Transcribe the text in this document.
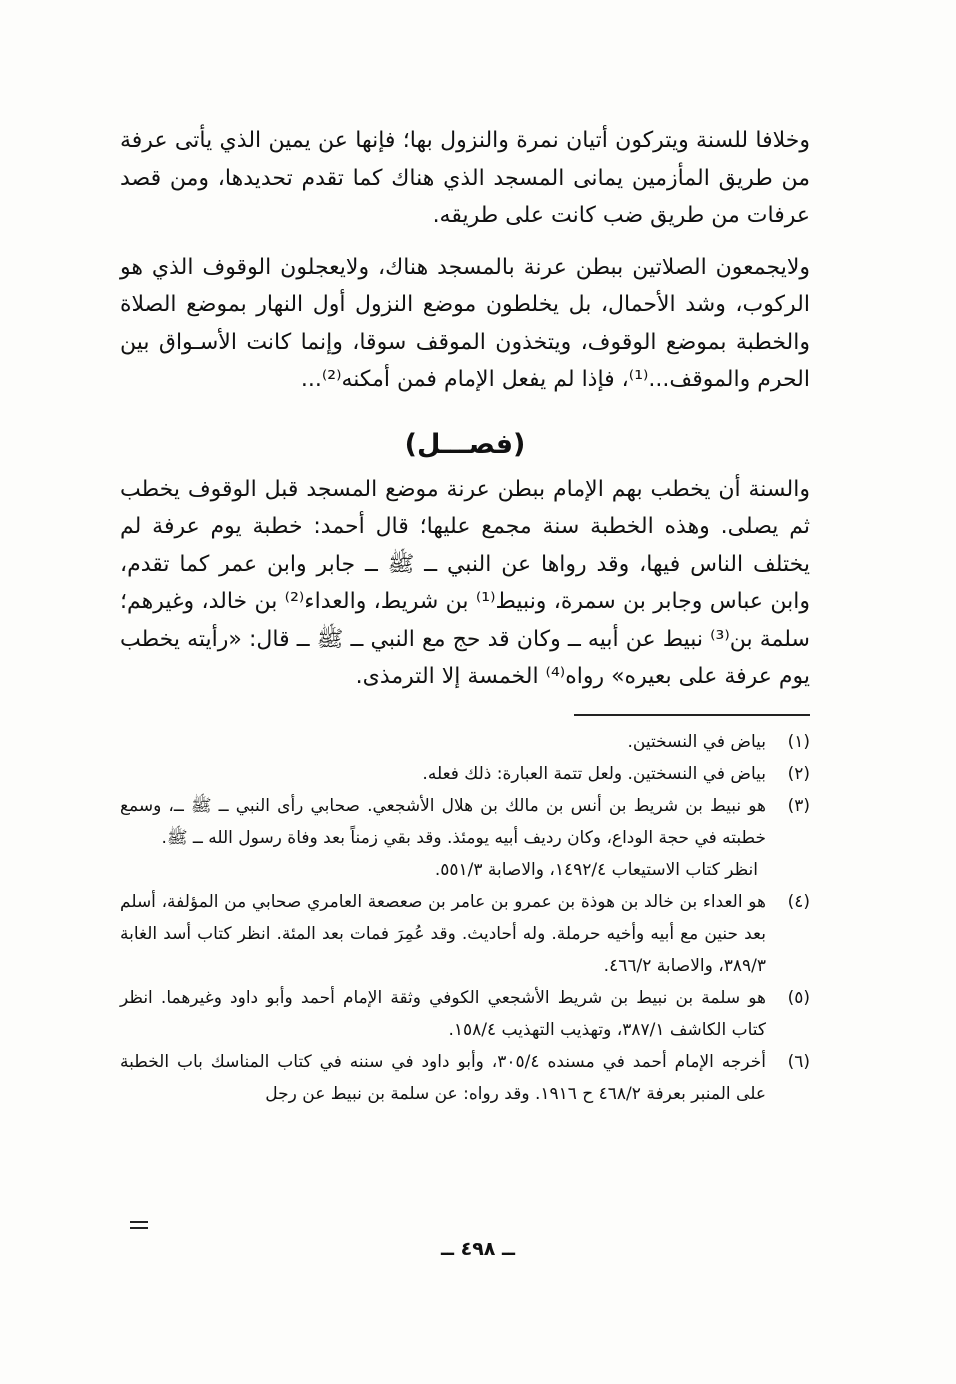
وخلافا للسنة ويتركون أتيان نمرة والنزول بها؛ فإنها عن يمين الذي يأتى عرفة من طريق المأزمين يمانى المسجد الذي هناك كما تقدم تحديدها، ومن قصد عرفات من طريق ضب كانت على طريقه.

ولايجمعون الصلاتين ببطن عرنة بالمسجد هناك، ولايعجلون الوقوف الذي هو الركوب، وشد الأحمال، بل يخلطون موضع النزول أول النهار بموضع الصلاة والخطبة بموضع الوقوف، ويتخذون الموقف سوقا، وإنما كانت الأسـواق بين الحرم والموقف...⁽¹⁾، فإذا لم يفعل الإمام فمن أمكنه⁽²⁾...

(فصـــل)

والسنة أن يخطب بهم الإمام ببطن عرنة موضع المسجد قبل الوقوف يخطب ثم يصلى. وهذه الخطبة سنة مجمع عليها؛ قال أحمد: خطبة يوم عرفة لم يختلف الناس فيها، وقد رواها عن النبي ــ ﷺ ــ جابر وابن عمر كما تقدم، وابن عباس وجابر بن سمرة، ونبيط⁽¹⁾ بن شريط، والعداء⁽²⁾ بن خالد، وغيرهم؛ سلمة بن⁽³⁾ نبيط عن أبيه ــ وكان قد حج مع النبي ــ ﷺ ــ قال: «رأيته يخطب يوم عرفة على بعيره» رواه⁽⁴⁾ الخمسة إلا الترمذى.

(١)
بياض في النسختين.
(٢)
بياض في النسختين. ولعل تتمة العبارة: ذلك فعله.
(٣)
هو نبيط بن شريط بن أنس بن مالك بن هلال الأشجعي. صحابي رأى النبي ــ ﷺ ــ، وسمع خطبته في حجة الوداع، وكان رديف أبيه يومئذ. وقد بقي زمناً بعد وفاة رسول الله ــ ﷺ.
انظر كتاب الاستيعاب ١٤٩٢/٤، والاصابة ٥٥١/٣.
(٤)
هو العداء بن خالد بن هوذة بن عمرو بن عامر بن صعصعة العامري صحابي من المؤلفة، أسلم بعد حنين مع أبيه وأخيه حرملة. وله أحاديث. وقد عُمِرَ فمات بعد المئة. انظر كتاب أسد الغابة ٣٨٩/٣، والاصابة ٤٦٦/٢.
(٥)
هو سلمة بن نبيط بن شريط الأشجعي الكوفي وثقة الإمام أحمد وأبو داود وغيرهما. انظر كتاب الكاشف ٣٨٧/١، وتهذيب التهذيب ١٥٨/٤.
(٦)
أخرجه الإمام أحمد في مسنده ٣٠٥/٤، وأبو داود في سننه في كتاب المناسك باب الخطبة على المنبر بعرفة ٤٦٨/٢ ح ١٩١٦. وقد رواه: عن سلمة بن نبيط عن رجل
ــ ٤٩٨ ــ
